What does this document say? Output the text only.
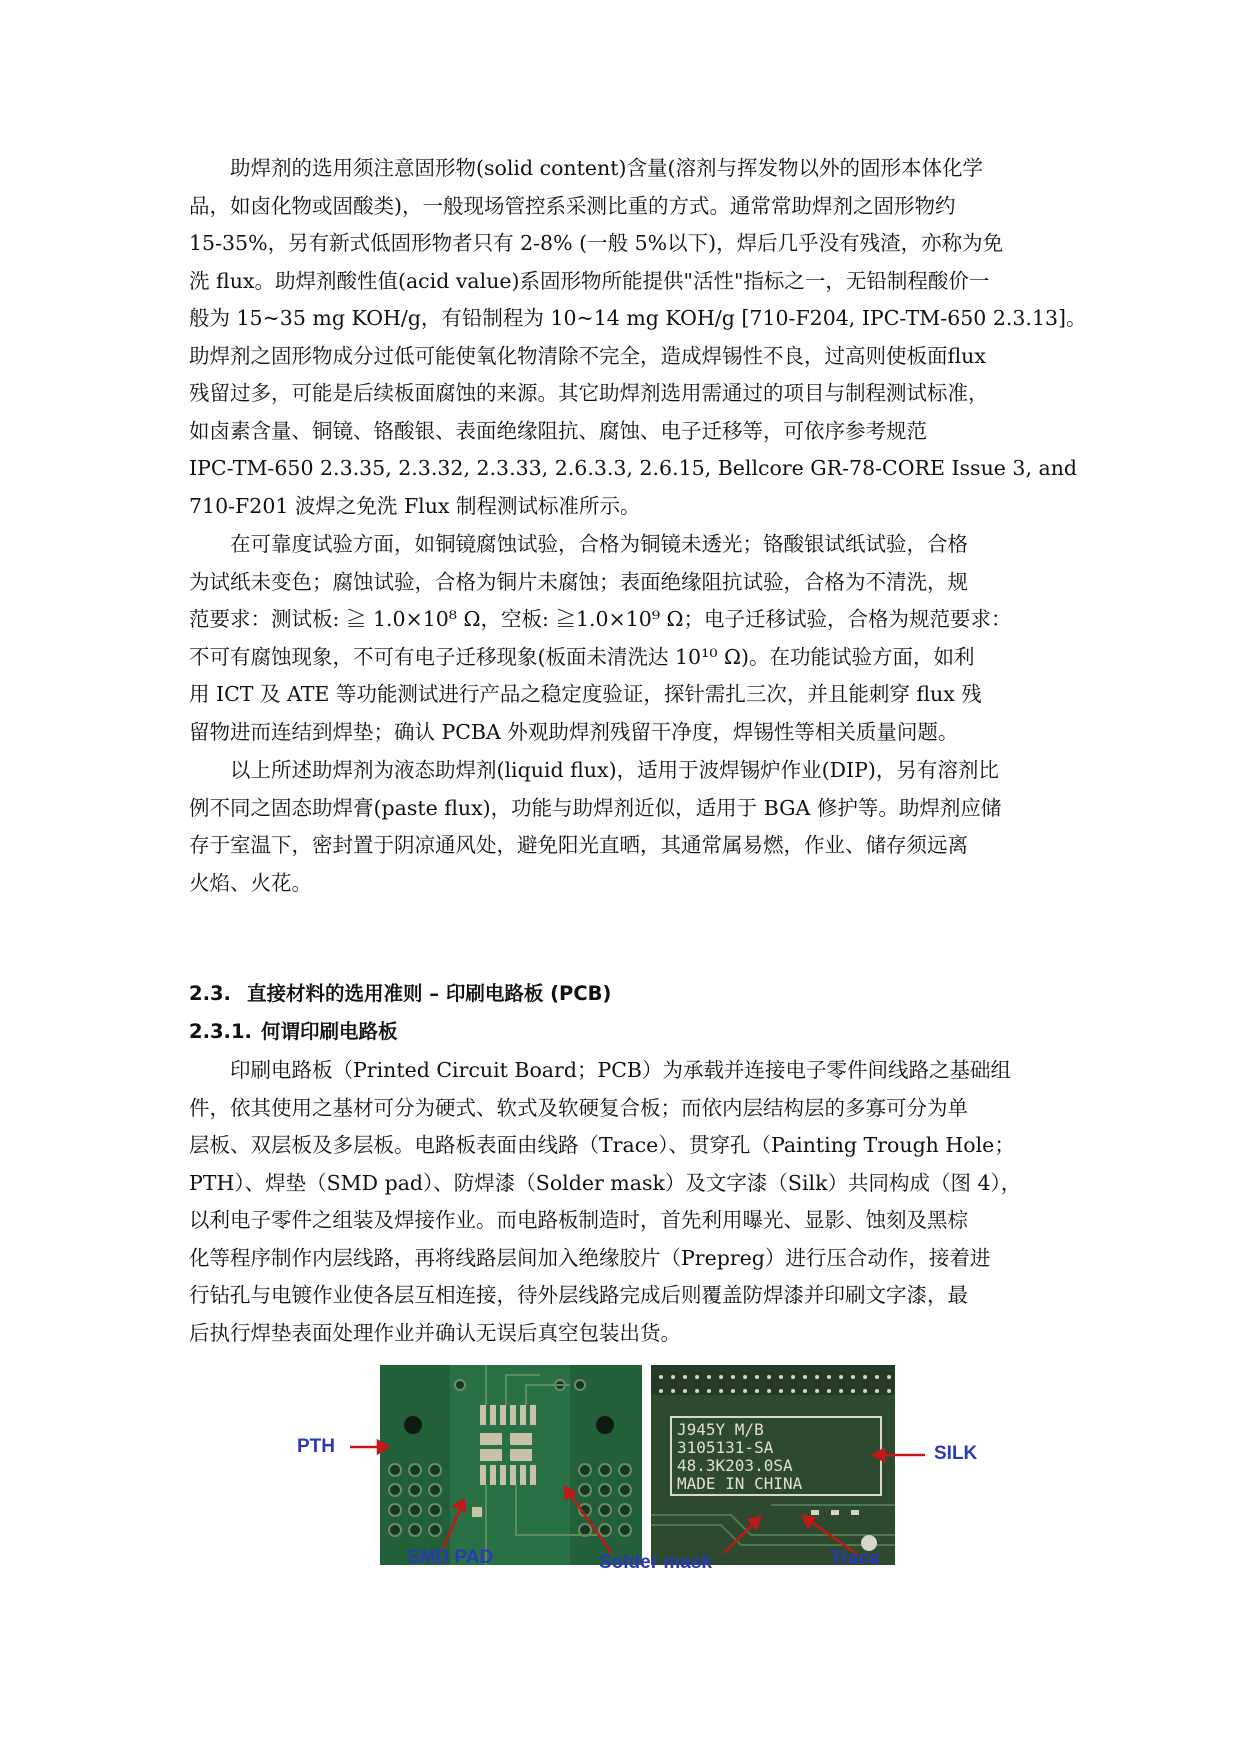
助焊剂的选用须注意固形物(solid content)含量(溶剂与挥发物以外的固形本体化学
品，如卤化物或固酸类)，一般现场管控系采测比重的方式。通常常助焊剂之固形物约
15-35%，另有新式低固形物者只有 2-8% (一般 5%以下)，焊后几乎没有残渣，亦称为免
洗 flux。助焊剂酸性值(acid value)系固形物所能提供"活性"指标之一，无铅制程酸价一
般为 15~35 mg KOH/g，有铅制程为 10~14 mg KOH/g [710-F204, IPC-TM-650 2.3.13]。
助焊剂之固形物成分过低可能使氧化物清除不完全，造成焊锡性不良，过高则使板面flux
残留过多，可能是后续板面腐蚀的来源。其它助焊剂选用需通过的项目与制程测试标准，
如卤素含量、铜镜、铬酸银、表面绝缘阻抗、腐蚀、电子迁移等，可依序参考规范
IPC-TM-650 2.3.35, 2.3.32, 2.3.33, 2.6.3.3, 2.6.15, Bellcore GR-78-CORE Issue 3, and
710-F201 波焊之免洗 Flux 制程测试标准所示。
在可靠度试验方面，如铜镜腐蚀试验，合格为铜镜未透光；铬酸银试纸试验，合格
为试纸未变色；腐蚀试验，合格为铜片未腐蚀；表面绝缘阻抗试验，合格为不清洗，规
范要求：测试板: ≧ 1.0×10⁸ Ω，空板: ≧1.0×10⁹ Ω；电子迁移试验，合格为规范要求：
不可有腐蚀现象，不可有电子迁移现象(板面未清洗达 10¹⁰ Ω)。在功能试验方面，如利
用 ICT 及 ATE 等功能测试进行产品之稳定度验证，探针需扎三次，并且能刺穿 flux 残
留物进而连结到焊垫；确认 PCBA 外观助焊剂残留干净度，焊锡性等相关质量问题。
以上所述助焊剂为液态助焊剂(liquid flux)，适用于波焊锡炉作业(DIP)，另有溶剂比
例不同之固态助焊膏(paste flux)，功能与助焊剂近似，适用于 BGA 修护等。助焊剂应储
存于室温下，密封置于阴凉通风处，避免阳光直晒，其通常属易燃，作业、储存须远离
火焰、火花。
2.3. 直接材料的选用准则 – 印刷电路板 (PCB)
2.3.1. 何谓印刷电路板
印刷电路板（Printed Circuit Board；PCB）为承载并连接电子零件间线路之基础组
件，依其使用之基材可分为硬式、软式及软硬复合板；而依内层结构层的多寡可分为单
层板、双层板及多层板。电路板表面由线路（Trace）、贯穿孔（Painting Trough Hole；
PTH）、焊垫（SMD pad）、防焊漆（Solder mask）及文字漆（Silk）共同构成（图 4），
以利电子零件之组装及焊接作业。而电路板制造时，首先利用曝光、显影、蚀刻及黑棕
化等程序制作内层线路，再将线路层间加入绝缘胶片（Prepreg）进行压合动作，接着进
行钻孔与电镀作业使各层互相连接，待外层线路完成后则覆盖防焊漆并印刷文字漆，最
后执行焊垫表面处理作业并确认无误后真空包装出货。
J945Y M/B
3105131-SA
48.3K203.0SA
MADE IN CHINA
PTH	SILK
SMD PAD	Solder mask	Trace
